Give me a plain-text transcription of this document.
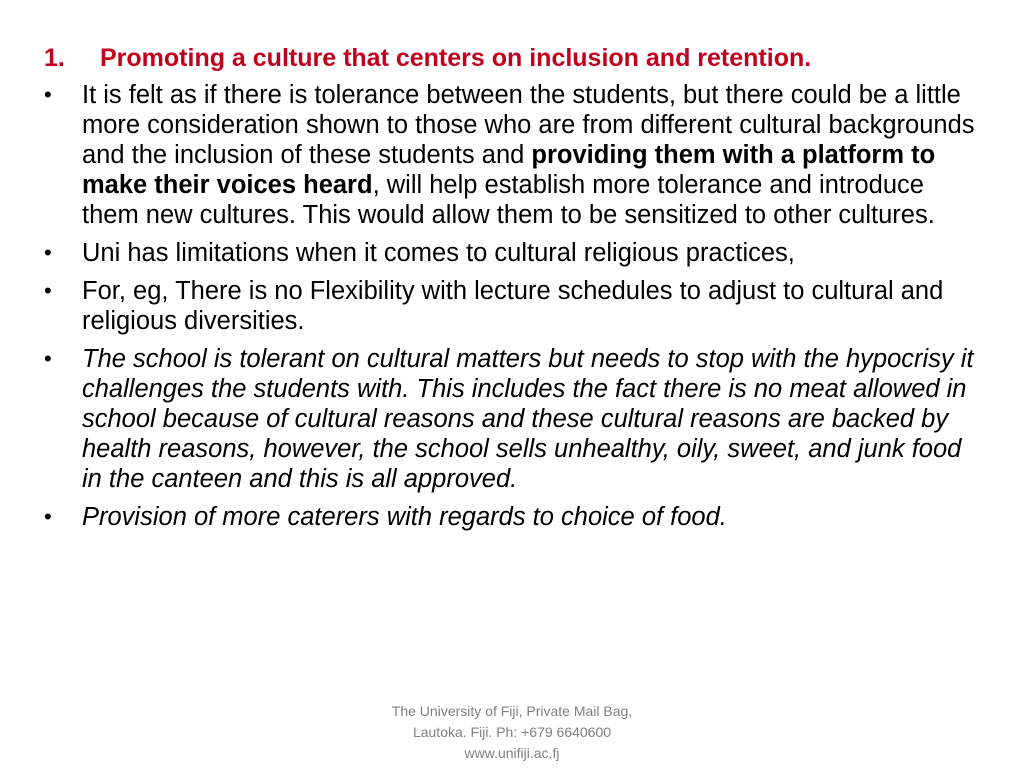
1.	Promoting a culture that centers on inclusion and retention.
•	It is felt as if there is tolerance between the students, but there could be a little more consideration shown to those who are from different cultural backgrounds and the inclusion of these students and providing them with a platform to make their voices heard, will help establish more tolerance and introduce them new cultures. This would allow them to be sensitized to other cultures.
•	Uni has limitations when it comes to cultural religious practices,
•	For, eg, There is no Flexibility with lecture schedules to adjust to cultural and religious diversities.
•	The school is tolerant on cultural matters but needs to stop with the hypocrisy it challenges the students with. This includes the fact there is no meat allowed in school because of cultural reasons and these cultural reasons are backed by health reasons, however, the school sells unhealthy, oily, sweet, and junk food in the canteen and this is all approved.
•	Provision of more caterers with regards to choice of food.
The University of Fiji, Private Mail Bag,
Lautoka. Fiji. Ph: +679 6640600
www.unifiji.ac.fj
